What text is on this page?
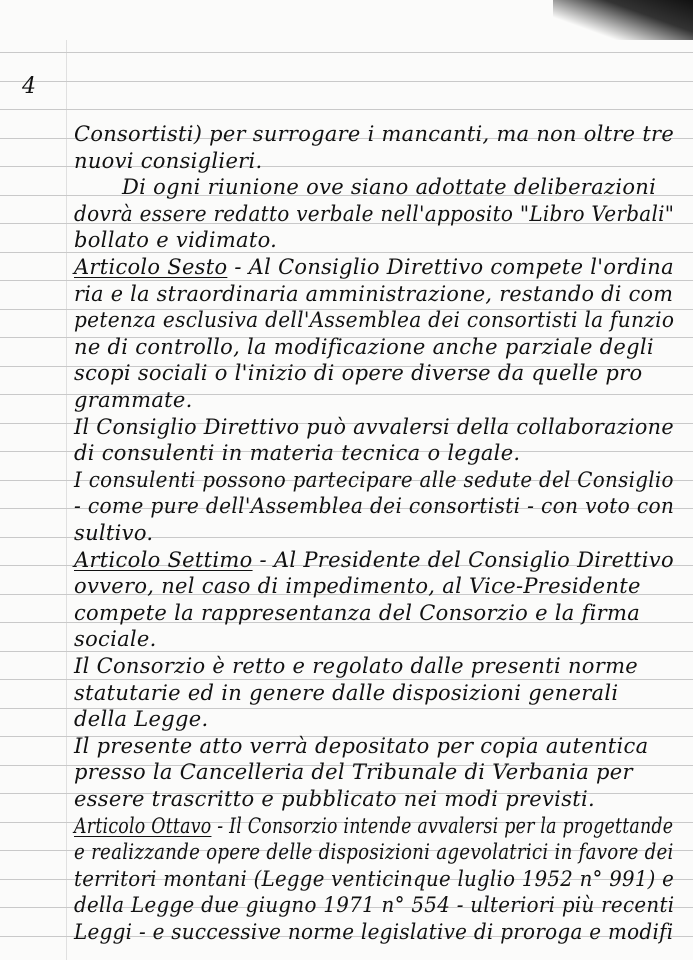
4
Consortisti) per surrogare i mancanti, ma non oltre tre
nuovi consiglieri.
Di ogni riunione ove siano adottate deliberazioni
dovrà essere redatto verbale nell'apposito "Libro Verbali"
bollato e vidimato.
Articolo Sesto - Al Consiglio Direttivo compete l'ordina
ria e la straordinaria amministrazione, restando di com
petenza esclusiva dell'Assemblea dei consortisti la funzio
ne di controllo, la modificazione anche parziale degli
scopi sociali o l'inizio di opere diverse da quelle pro
grammate.
Il Consiglio Direttivo può avvalersi della collaborazione
di consulenti in materia tecnica o legale.
I consulenti possono partecipare alle sedute del Consiglio
- come pure dell'Assemblea dei consortisti - con voto con
sultivo.
Articolo Settimo - Al Presidente del Consiglio Direttivo
ovvero, nel caso di impedimento, al Vice-Presidente
compete la rappresentanza del Consorzio e la firma
sociale.
Il Consorzio è retto e regolato dalle presenti norme
statutarie ed in genere dalle disposizioni generali
della Legge.
Il presente atto verrà depositato per copia autentica
presso la Cancelleria del Tribunale di Verbania per
essere trascritto e pubblicato nei modi previsti.
Articolo Ottavo - Il Consorzio intende avvalersi per la progettande
e realizzande opere delle disposizioni agevolatrici in favore dei
territori montani (Legge venticinque luglio 1952 n° 991) e
della Legge due giugno 1971 n° 554 - ulteriori più recenti
Leggi - e successive norme legislative di proroga e modifi
